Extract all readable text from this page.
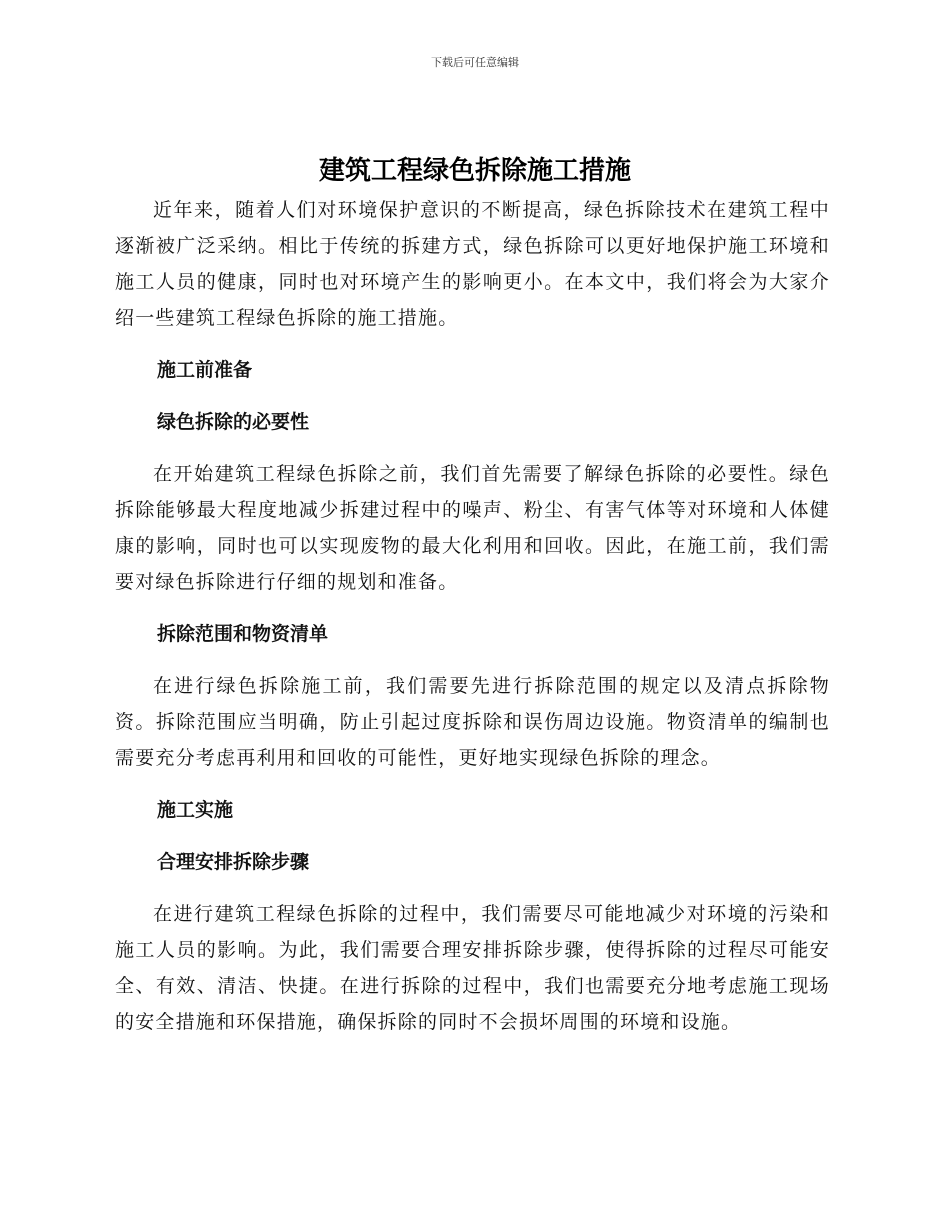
下载后可任意编辑
建筑工程绿色拆除施工措施

近年来，随着人们对环境保护意识的不断提高，绿色拆除技术在建筑工程中逐渐被广泛采纳。相比于传统的拆建方式，绿色拆除可以更好地保护施工环境和施工人员的健康，同时也对环境产生的影响更小。在本文中，我们将会为大家介绍一些建筑工程绿色拆除的施工措施。

施工前准备

绿色拆除的必要性

在开始建筑工程绿色拆除之前，我们首先需要了解绿色拆除的必要性。绿色拆除能够最大程度地减少拆建过程中的噪声、粉尘、有害气体等对环境和人体健康的影响，同时也可以实现废物的最大化利用和回收。因此，在施工前，我们需要对绿色拆除进行仔细的规划和准备。

拆除范围和物资清单

在进行绿色拆除施工前，我们需要先进行拆除范围的规定以及清点拆除物资。拆除范围应当明确，防止引起过度拆除和误伤周边设施。物资清单的编制也需要充分考虑再利用和回收的可能性，更好地实现绿色拆除的理念。

施工实施

合理安排拆除步骤

在进行建筑工程绿色拆除的过程中，我们需要尽可能地减少对环境的污染和施工人员的影响。为此，我们需要合理安排拆除步骤，使得拆除的过程尽可能安全、有效、清洁、快捷。在进行拆除的过程中，我们也需要充分地考虑施工现场的安全措施和环保措施，确保拆除的同时不会损坏周围的环境和设施。
